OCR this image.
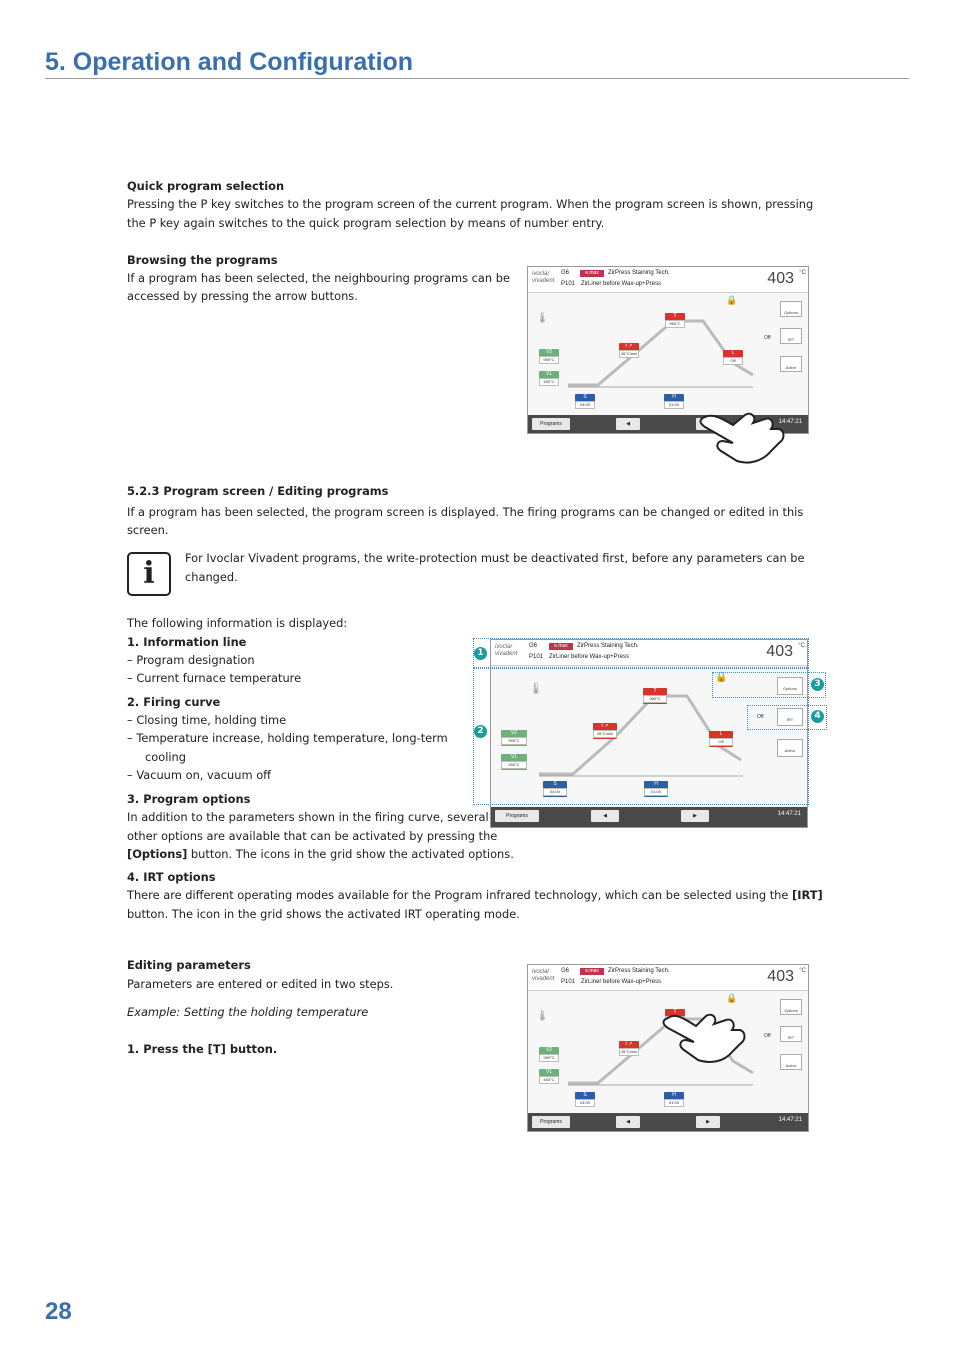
5. Operation and Configuration
Quick program selection
Pressing the P key switches to the program screen of the current program. When the program screen is shown, pressing
the P key again switches to the quick program selection by means of number entry.
Browsing the programs
If a program has been selected, the neighbouring programs can be
accessed by pressing the arrow buttons.
ivoclar
vivadent
G6	e.max	ZirPress Staining Tech.
P101 ZirLiner before Wax-up+Press	403 °C
🌡
🔒
T
960°C
t ↗
45°C/min	L
Off
V2
959°C
V1
450°C
S
04:00
H
01:00
Options
Off	IRT
Active
Programs	◀	14:47:21
5.2.3 Program screen / Editing programs
If a program has been selected, the program screen is displayed. The firing programs can be changed or edited in this
screen.
i	For Ivoclar Vivadent programs, the write-protection must be deactivated first, before any parameters can be
changed.
The following information is displayed:
1. Information line
– Program designation
– Current furnace temperature
2. Firing curve
– Closing time, holding time
– Temperature increase, holding temperature, long-term
cooling
– Vacuum on, vacuum off
3. Program options
In addition to the parameters shown in the firing curve, several
other options are available that can be activated by pressing the
[Options] button. The icons in the grid show the activated options.
4. IRT options
There are different operating modes available for the Program infrared technology, which can be selected using the [IRT]
button. The icon in the grid shows the activated IRT operating mode.
ivoclar
vivadent
G6	e.max	ZirPress Staining Tech.
P101 ZirLiner before Wax-up+Press	403 °C
🌡
🔒
T
960°C
t ↗
45°C/min	L
Off
V2
959°C
V1
450°C
S
04:00
H
01:00
Options
Off	IRT
Active
Programs	◀	▶	14:47:21
1
2
3
4
Editing parameters
Parameters are entered or edited in two steps.
Example: Setting the holding temperature
1. Press the [T] button.
ivoclar
vivadent
G6	e.max	ZirPress Staining Tech.
P101 ZirLiner before Wax-up+Press	403 °C
🌡
🔒
T
t ↗
45°C/min
V2
959°C
V1
450°C
S
04:00
H
01:00
Options
Off	IRT
Active
Programs	◀	▶	14:47:21
28
